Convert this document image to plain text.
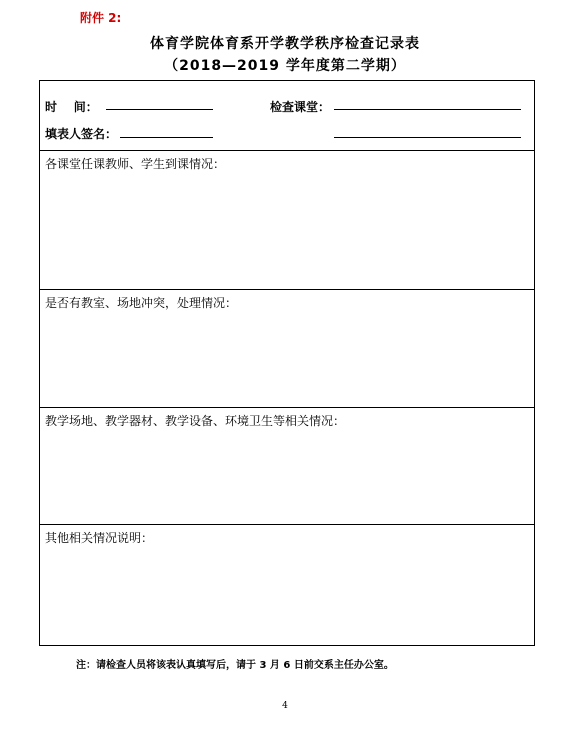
附件 2:
体育学院体育系开学教学秩序检查记录表
（2018—2019 学年度第二学期）
时    间：	检查课堂：
填表人签名：
各课堂任课教师、学生到课情况：
是否有教室、场地冲突，处理情况：
教学场地、教学器材、教学设备、环境卫生等相关情况：
其他相关情况说明：
注：请检查人员将该表认真填写后，请于 3 月 6 日前交系主任办公室。
4
